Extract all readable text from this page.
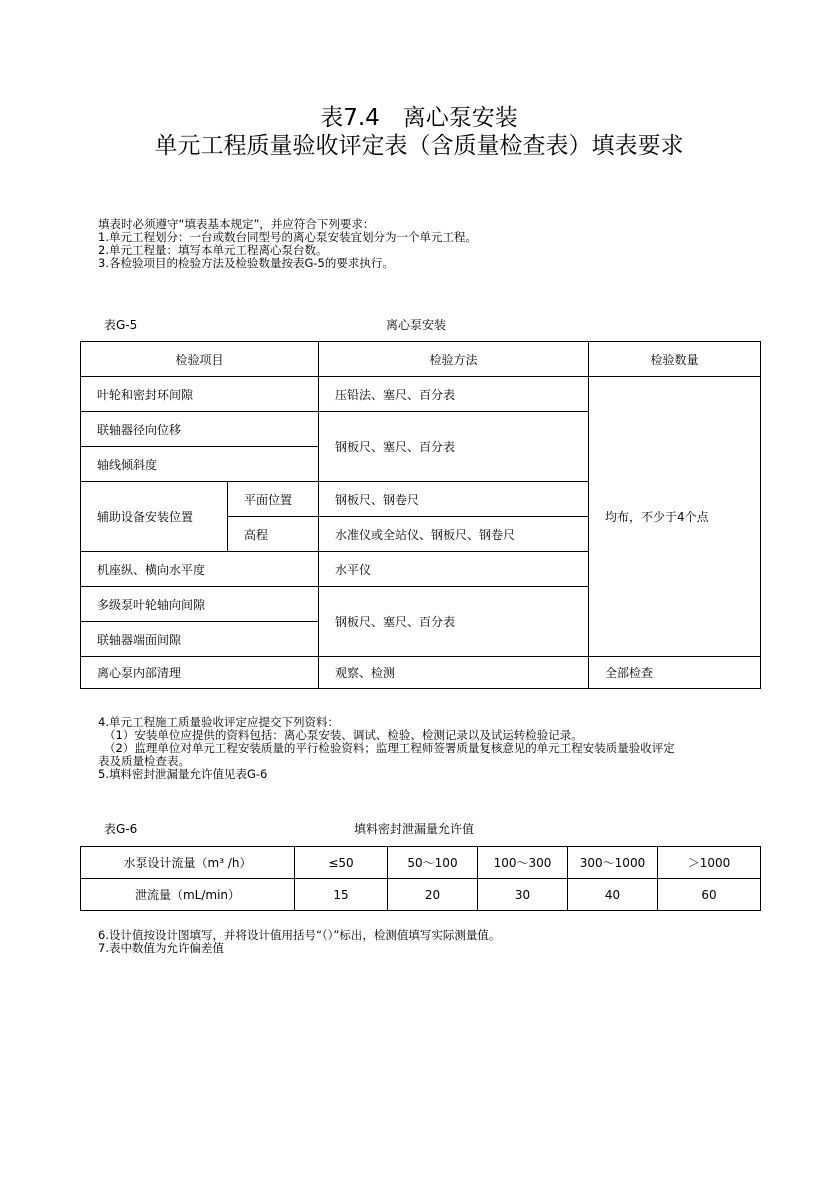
表7.4　离心泵安装
单元工程质量验收评定表（含质量检查表）填表要求
填表时必须遵守“填表基本规定”，并应符合下列要求：
1.单元工程划分：一台或数台同型号的离心泵安装宜划分为一个单元工程。
2.单元工程量：填写本单元工程离心泵台数。
3.各检验项目的检验方法及检验数量按表G-5的要求执行。
表G-5	离心泵安装
检验项目		检验方法	检验数量
叶轮和密封环间隙		压铅法、塞尺、百分表	均布，不少于4个点
联轴器径向位移		钢板尺、塞尺、百分表	
轴线倾斜度			
辅助设备安装位置	平面位置	钢板尺、钢卷尺	
	高程	水准仪或全站仪、钢板尺、钢卷尺	
机座纵、横向水平度		水平仪	
多级泵叶轮轴向间隙		钢板尺、塞尺、百分表	
联轴器端面间隙			
离心泵内部清理		观察、检测	全部检查
4.单元工程施工质量验收评定应提交下列资料：
（1）安装单位应提供的资料包括：离心泵安装、调试、检验、检测记录以及试运转检验记录。
（2）监理单位对单元工程安装质量的平行检验资料；监理工程师签署质量复核意见的单元工程安装质量验收评定
表及质量检查表。
5.填料密封泄漏量允许值见表G-6
表G-6	填料密封泄漏量允许值
水泵设计流量（m³ /h）	≤50	50～100	100～300	300～1000	＞1000
泄流量（mL/min）	15	20	30	40	60
6.设计值按设计图填写，并将设计值用括号“（）”标出，检测值填写实际测量值。
7.表中数值为允许偏差值
